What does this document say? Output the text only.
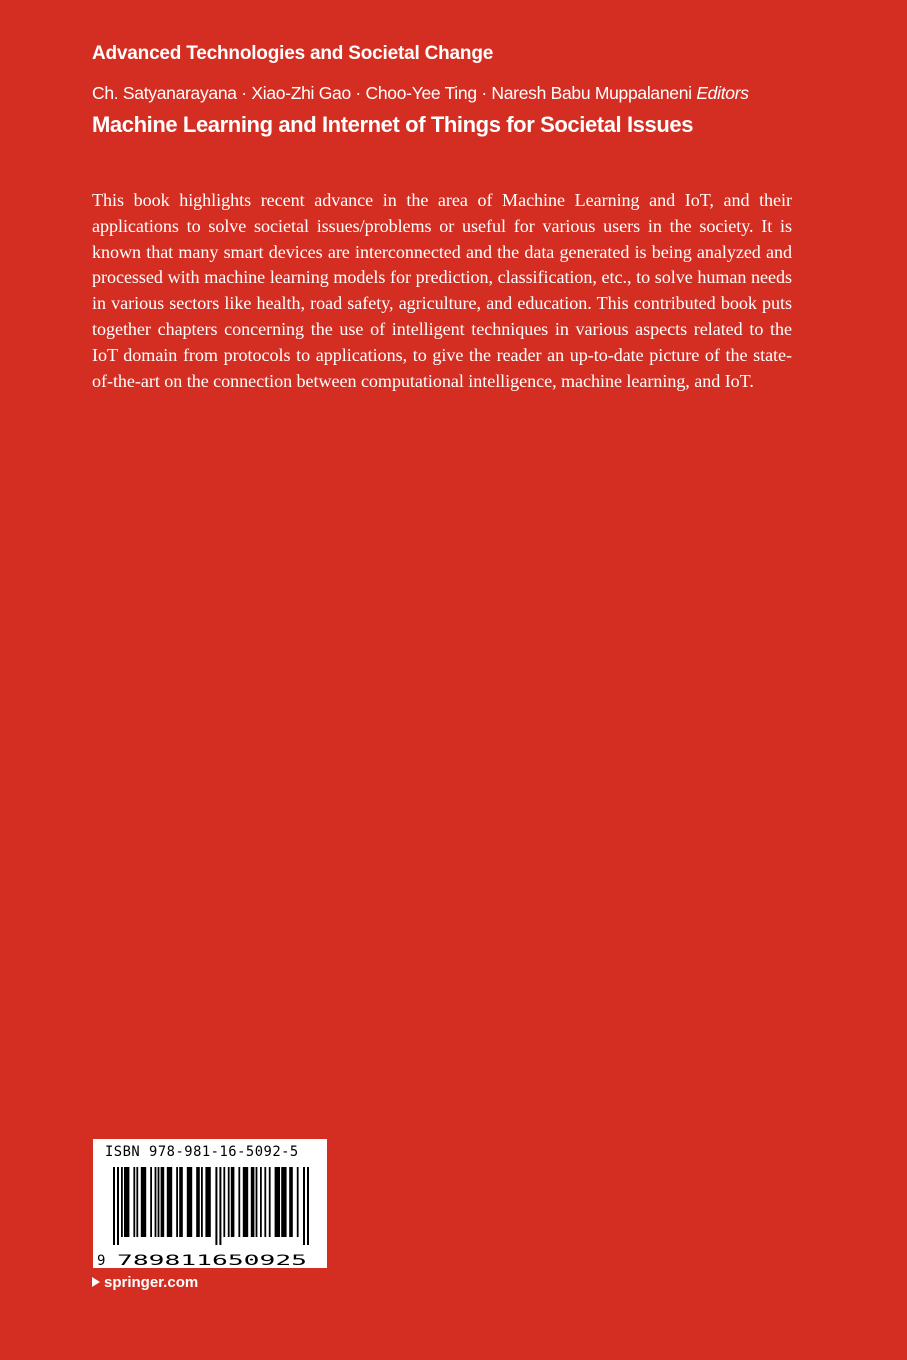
Advanced Technologies and Societal Change
Ch. Satyanarayana · Xiao-Zhi Gao · Choo-Yee Ting · Naresh Babu Muppalaneni Editors
Machine Learning and Internet of Things for Societal Issues

This book highlights recent advance in the area of Machine Learning and IoT, and their applications to solve societal issues/problems or useful for various users in the society. It is known that many smart devices are interconnected and the data generated is being analyzed and processed with machine learning models for prediction, classification, etc., to solve human needs in various sectors like health, road safety, agriculture, and education. This contributed book puts together chapters concerning the use of intelligent techniques in various aspects related to the IoT domain from protocols to applications, to give the reader an up-to-date picture of the state-of-the-art on the connection between computational intelligence, machine learning, and IoT.

ISBN 978-981-16-5092-5
9 789811650925
springer.com
